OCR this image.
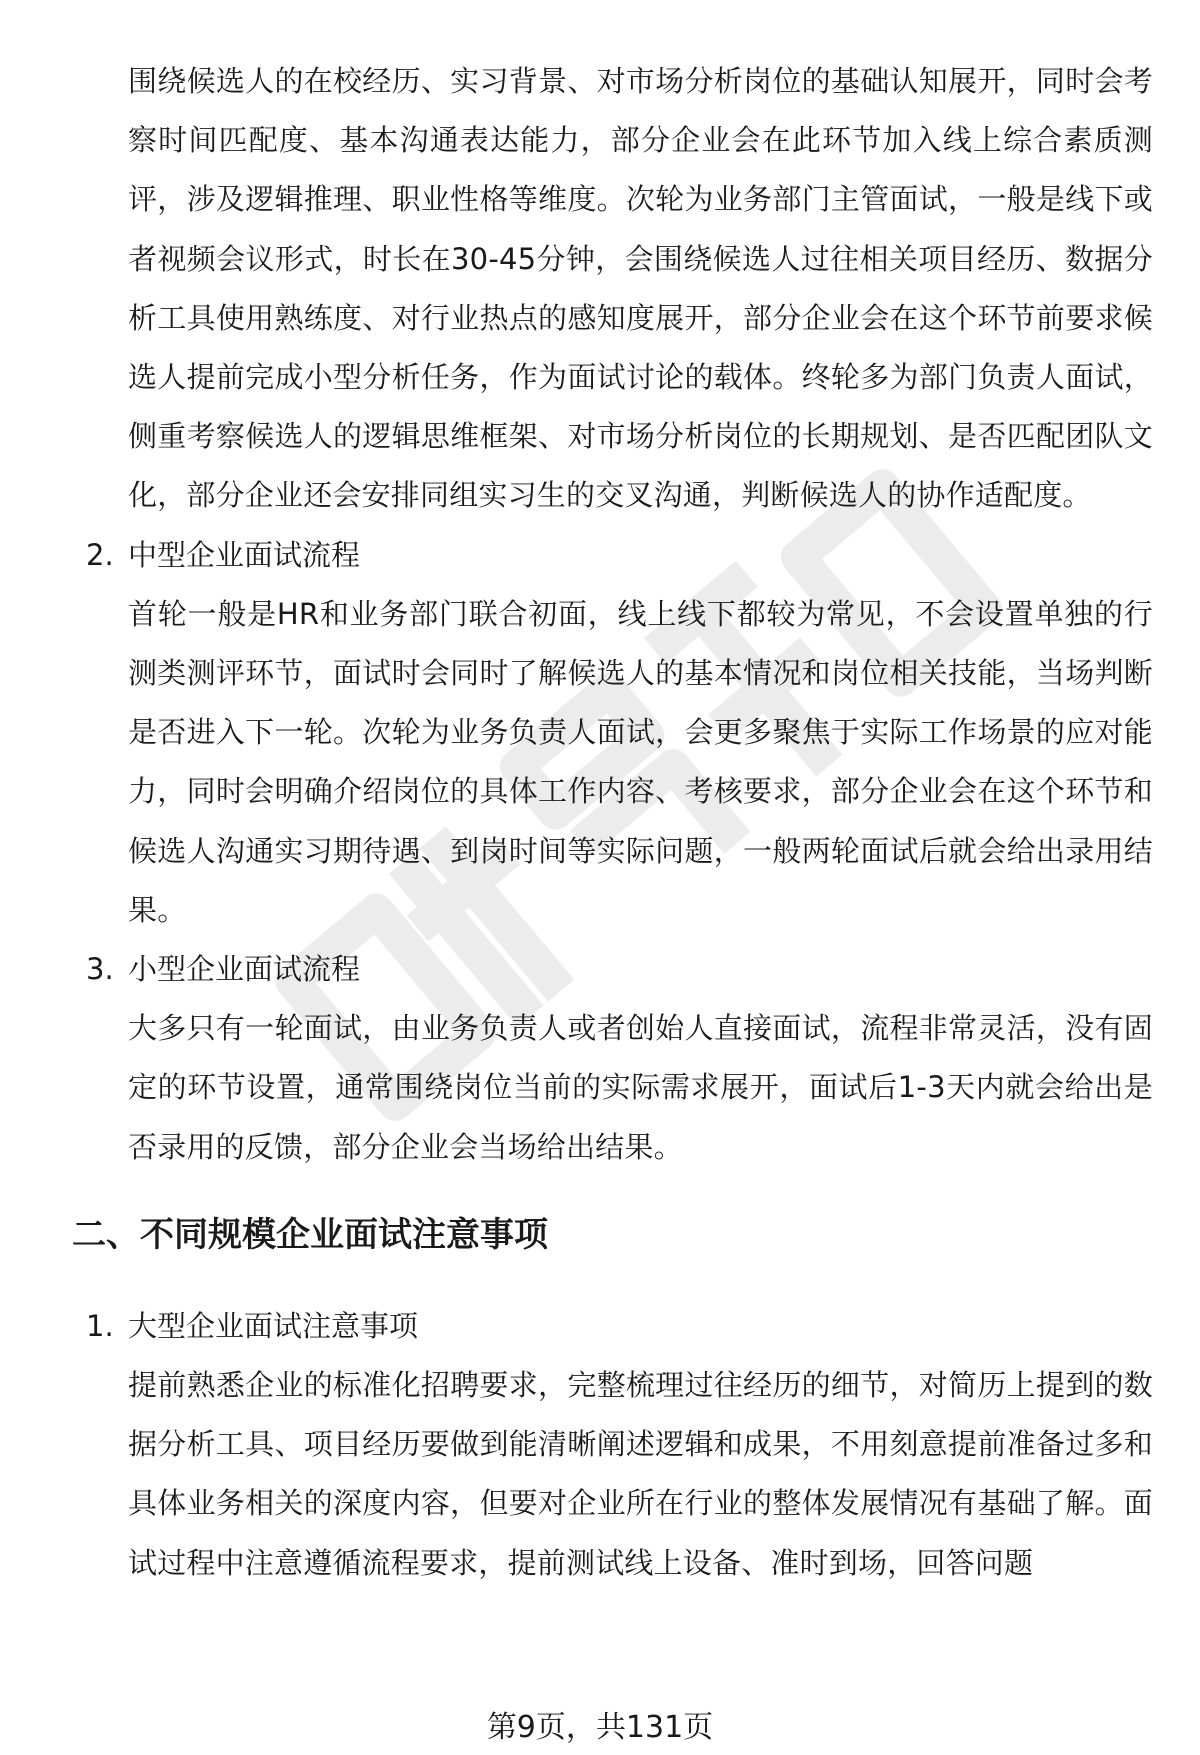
围绕候选人的在校经历、实习背景、对市场分析岗位的基础认知展开，同时会考察时间匹配度、基本沟通表达能力，部分企业会在此环节加入线上综合素质测评，涉及逻辑推理、职业性格等维度。次轮为业务部门主管面试，一般是线下或者视频会议形式，时长在30-45分钟，会围绕候选人过往相关项目经历、数据分析工具使用熟练度、对行业热点的感知度展开，部分企业会在这个环节前要求候选人提前完成小型分析任务，作为面试讨论的载体。终轮多为部门负责人面试，侧重考察候选人的逻辑思维框架、对市场分析岗位的长期规划、是否匹配团队文化，部分企业还会安排同组实习生的交叉沟通，判断候选人的协作适配度。

2. 中型企业面试流程

首轮一般是HR和业务部门联合初面，线上线下都较为常见，不会设置单独的行测类测评环节，面试时会同时了解候选人的基本情况和岗位相关技能，当场判断是否进入下一轮。次轮为业务负责人面试，会更多聚焦于实际工作场景的应对能力，同时会明确介绍岗位的具体工作内容、考核要求，部分企业会在这个环节和候选人沟通实习期待遇、到岗时间等实际问题，一般两轮面试后就会给出录用结果。

3. 小型企业面试流程

大多只有一轮面试，由业务负责人或者创始人直接面试，流程非常灵活，没有固定的环节设置，通常围绕岗位当前的实际需求展开，面试后1-3天内就会给出是否录用的反馈，部分企业会当场给出结果。

二、不同规模企业面试注意事项

1. 大型企业面试注意事项

提前熟悉企业的标准化招聘要求，完整梳理过往经历的细节，对简历上提到的数据分析工具、项目经历要做到能清晰阐述逻辑和成果，不用刻意提前准备过多和具体业务相关的深度内容，但要对企业所在行业的整体发展情况有基础了解。面试过程中注意遵循流程要求，提前测试线上设备、准时到场，回答问题

第9页，共131页
